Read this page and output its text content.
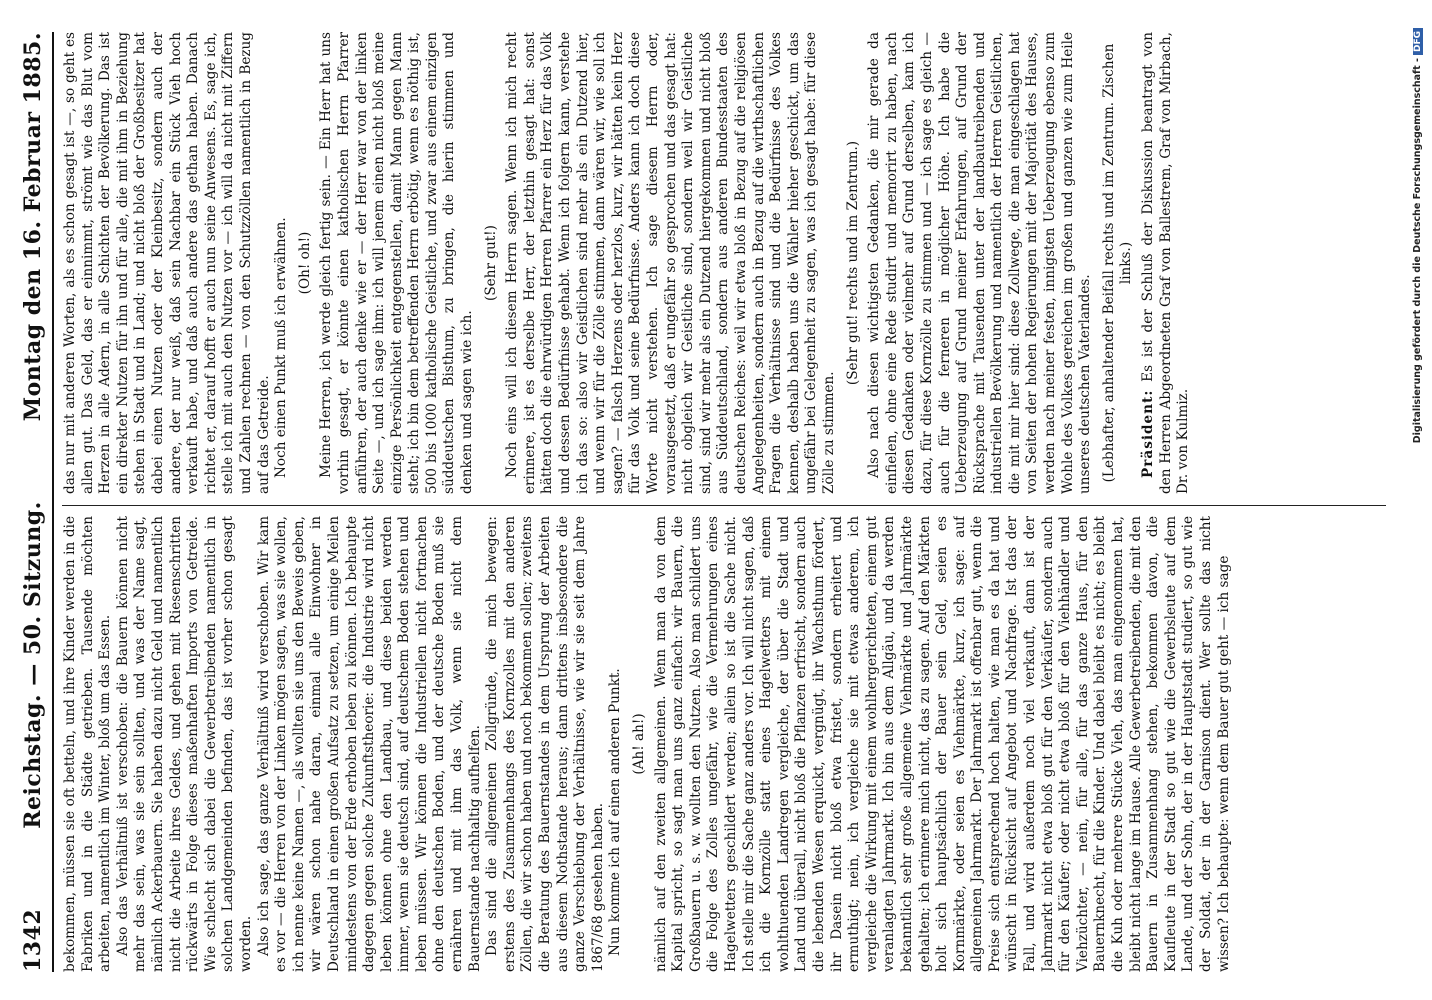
1342
Reichstag. — 50. Sitzung.
Montag den 16. Februar 1885.

bekommen, müssen sie oft betteln, und ihre Kinder werden in die Fabriken und in die Städte getrieben. Tausende möchten arbeiten, namentlich im Winter, bloß um das Essen. Also das Verhältniß ist verschoben: die Bauern können nicht mehr das sein, was sie sein sollten, und was der Name sagt, nämlich Ackerbauern. Sie haben dazu nicht Geld und namentlich nicht die Arbeite ihres Geldes, und gehen mit Riesenschritten rückwärts in Folge dieses maßenhaften Imports von Getreide. Wie schlecht sich dabei die Gewerbetreibenden namentlich in solchen Landgemeinden befinden, das ist vorher schon gesagt worden. Also ich sage, das ganze Verhältniß wird verschoben. Wir kam es vor — die Herren von der Linken mögen sagen, was sie wollen, ich nenne keine Namen —, als wollten sie uns den Beweis geben, wir wären schon nahe daran, einmal alle Einwohner in Deutschland in einen großen Aufsatz zu setzen, um einige Meilen mindestens von der Erde erhoben leben zu können. Ich behaupte dagegen gegen solche Zukunftstheorie: die Industrie wird nicht leben können ohne den Landbau, und diese beiden werden immer, wenn sie deutsch sind, auf deutschem Boden stehen und leben müssen. Wir können die Industriellen nicht fortnachen ohne den deutschen Boden, und der deutsche Boden muß sie ernähren und mit ihm das Volk, wenn sie nicht dem Bauernstande nachhaltig aufhelfen. Das sind die allgemeinen Zollgründe, die mich bewegen: erstens des Zusammenhangs des Kornzolles mit den anderen Zöllen, die wir schon haben und noch bekommen sollen; zweitens die Beratung des Bauernstandes in dem Ursprung der Arbeiten aus diesem Nothstande heraus; dann drittens insbesondere die ganze Verschiebung der Verhältnisse, wie wir sie seit dem Jahre 1867/68 gesehen haben. Nun komme ich auf einen anderen Punkt. (Ah! ah!) nämlich auf den zweiten allgemeinen. Wenn man da von dem Kapital spricht, so sagt man uns ganz einfach: wir Bauern, die Großbauern u. s. w. wollten den Nutzen. Also man schildert uns die Folge des Zolles ungefähr, wie die Vermehrungen eines Hagelwetters geschildert werden; allein so ist die Sache nicht. Ich stelle mir die Sache ganz anders vor. Ich will nicht sagen, daß ich die Kornzölle statt eines Hagelwetters mit einem wohlthuenden Landregen vergleiche, der über die Stadt und Land und überall, nicht bloß die Pflanzen erfrischt, sondern auch die lebenden Wesen erquickt, vergnügt, ihr Wachsthum fördert, ihr Dasein nicht bloß etwa fristet, sondern erheitert und ermuthigt; nein, ich vergleiche sie mit etwas anderem, ich vergleiche die Wirkung mit einem wohlhergerichteten, einem gut veranlagten Jahrmarkt. Ich bin aus dem Allgäu, und da werden bekanntlich sehr große allgemeine Viehmärkte und Jahrmärkte gehalten; ich erinnere mich nicht, das zu sagen. Auf den Märkten holt sich hauptsächlich der Bauer sein Geld, seien es Kornmärkte, oder seien es Viehmärkte, kurz, ich sage: auf allgemeinen Jahrmarkt. Der Jahrmarkt ist offenbar gut, wenn die Preise sich entsprechend hoch halten, wie man es da hat und wünscht in Rücksicht auf Angebot und Nachfrage. Ist das der Fall, und wird außerdem noch viel verkauft, dann ist der Jahrmarkt nicht etwa bloß gut für den Verkäufer, sondern auch für den Käufer; oder nicht etwa bloß für den Viehhändler und Viehzüchter, — nein, für alle, für das ganze Haus, für den Bauernknecht, für die Kinder. Und dabei bleibt es nicht; es bleibt die Kuh oder mehrere Stücke Vieh, das man eingenommen hat, bleibt nicht lange im Hause. Alle Gewerbetreibenden, die mit den Bauern in Zusammenhang stehen, bekommen davon, die Kaufleute in der Stadt so gut wie die Gewerbsleute auf dem Lande, und der Sohn, der in der Hauptstadt studiert, so gut wie der Soldat, der in der Garnison dient. Wer sollte das nicht wissen? Ich behaupte: wenn dem Bauer gut geht — ich sage

das nur mit anderen Worten, als es schon gesagt ist —, so geht es allen gut. Das Geld, das er einnimmt, strömt wie das Blut vom Herzen in alle Adern, in alle Schichten der Bevölkerung. Das ist ein direkter Nutzen für ihn und für alle, die mit ihm in Beziehung stehen in Stadt und in Land; und nicht bloß der Großbesitzer hat dabei einen Nutzen oder der Kleinbesitz, sondern auch der andere, der nur weiß, daß sein Nachbar ein Stück Vieh hoch verkauft habe, und daß auch andere das gethan haben. Danach richtet er, darauf hofft er auch nun seine Anwesens. Es, sage ich, stelle ich mit auch den Nutzen vor — ich will da nicht mit Ziffern und Zahlen rechnen — von den Schutzzöllen namentlich in Bezug auf das Getreide. Noch einen Punkt muß ich erwähnen. (Oh! oh!) Meine Herren, ich werde gleich fertig sein. — Ein Herr hat uns vorhin gesagt, er könnte einen katholischen Herrn Pfarrer anführen, der auch denke wie er — der Herr war von der linken Seite —, und ich sage ihm: ich will jenem einen nicht bloß meine einzige Persönlichkeit entgegenstellen, damit Mann gegen Mann steht; ich bin dem betreffenden Herrn erbötig, wenn es nöthig ist, 500 bis 1000 katholische Geistliche, und zwar aus einem einzigen süddeutschen Bisthum, zu bringen, die hierin stimmen und denken und sagen wie ich.

(Sehr gut!) Noch eins will ich diesem Herrn sagen. Wenn ich mich recht erinnere, ist es derselbe Herr, der letzthin gesagt hat: sonst hätten doch die ehrwürdigen Herren Pfarrer ein Herz für das Volk und dessen Bedürfnisse gehabt. Wenn ich folgern kann, verstehe ich das so: also wir Geistlichen sind mehr als ein Dutzend hier, und wenn wir für die Zölle stimmen, dann wären wir, wie soll ich sagen? — falsch Herzens oder herzlos, kurz, wir hätten kein Herz für das Volk und seine Bedürfnisse. Anders kann ich doch diese Worte nicht verstehen. Ich sage diesem Herrn oder, vorausgesetzt, daß er ungefähr so gesprochen und das gesagt hat: nicht obgleich wir Geistliche sind, sondern weil wir Geistliche sind, sind wir mehr als ein Dutzend hiergekommen und nicht bloß aus Süddeutschland, sondern aus anderen Bundesstaaten des deutschen Reiches: weil wir etwa bloß in Bezug auf die religiösen Angelegenheiten, sondern auch in Bezug auf die wirthschaftlichen Fragen die Verhältnisse sind und die Bedürfnisse des Volkes kennen, deshalb haben uns die Wähler hieher geschickt, um das ungefähr bei Gelegenheit zu sagen, was ich gesagt habe: für diese Zölle zu stimmen.

(Sehr gut! rechts und im Zentrum.) Also nach diesen wichtigsten Gedanken, die mir gerade da einfielen, ohne eine Rede studirt und memorirt zu haben, nach diesen Gedanken oder vielmehr auf Grund derselben, kam ich dazu, für diese Kornzölle zu stimmen und — ich sage es gleich — auch für die ferneren in möglicher Höhe. Ich habe die Ueberzeugung auf Grund meiner Erfahrungen, auf Grund der Rücksprache mit Tausenden unter der landbautreibenden und industriellen Bevölkerung und namentlich der Herren Geistlichen, die mit mir hier sind: diese Zollwege, die man eingeschlagen hat von Seiten der hohen Regierungen mit der Majorität des Hauses, werden nach meiner festen, innigsten Ueberzeugung ebenso zum Wohle des Volkes gereichen im großen und ganzen wie zum Heile unseres deutschen Vaterlandes. (Lebhafter, anhaltender Beifall rechts und im Zentrum. Zischen links.)

Präsident: Es ist der Schluß der Diskussion beantragt von den Herren Abgeordneten Graf von Ballestrem, Graf von Mirbach, Dr. von Kulmiz.	Digitalisierung gefördert durch die Deutsche Forschungsgemeinschaft -DFG
